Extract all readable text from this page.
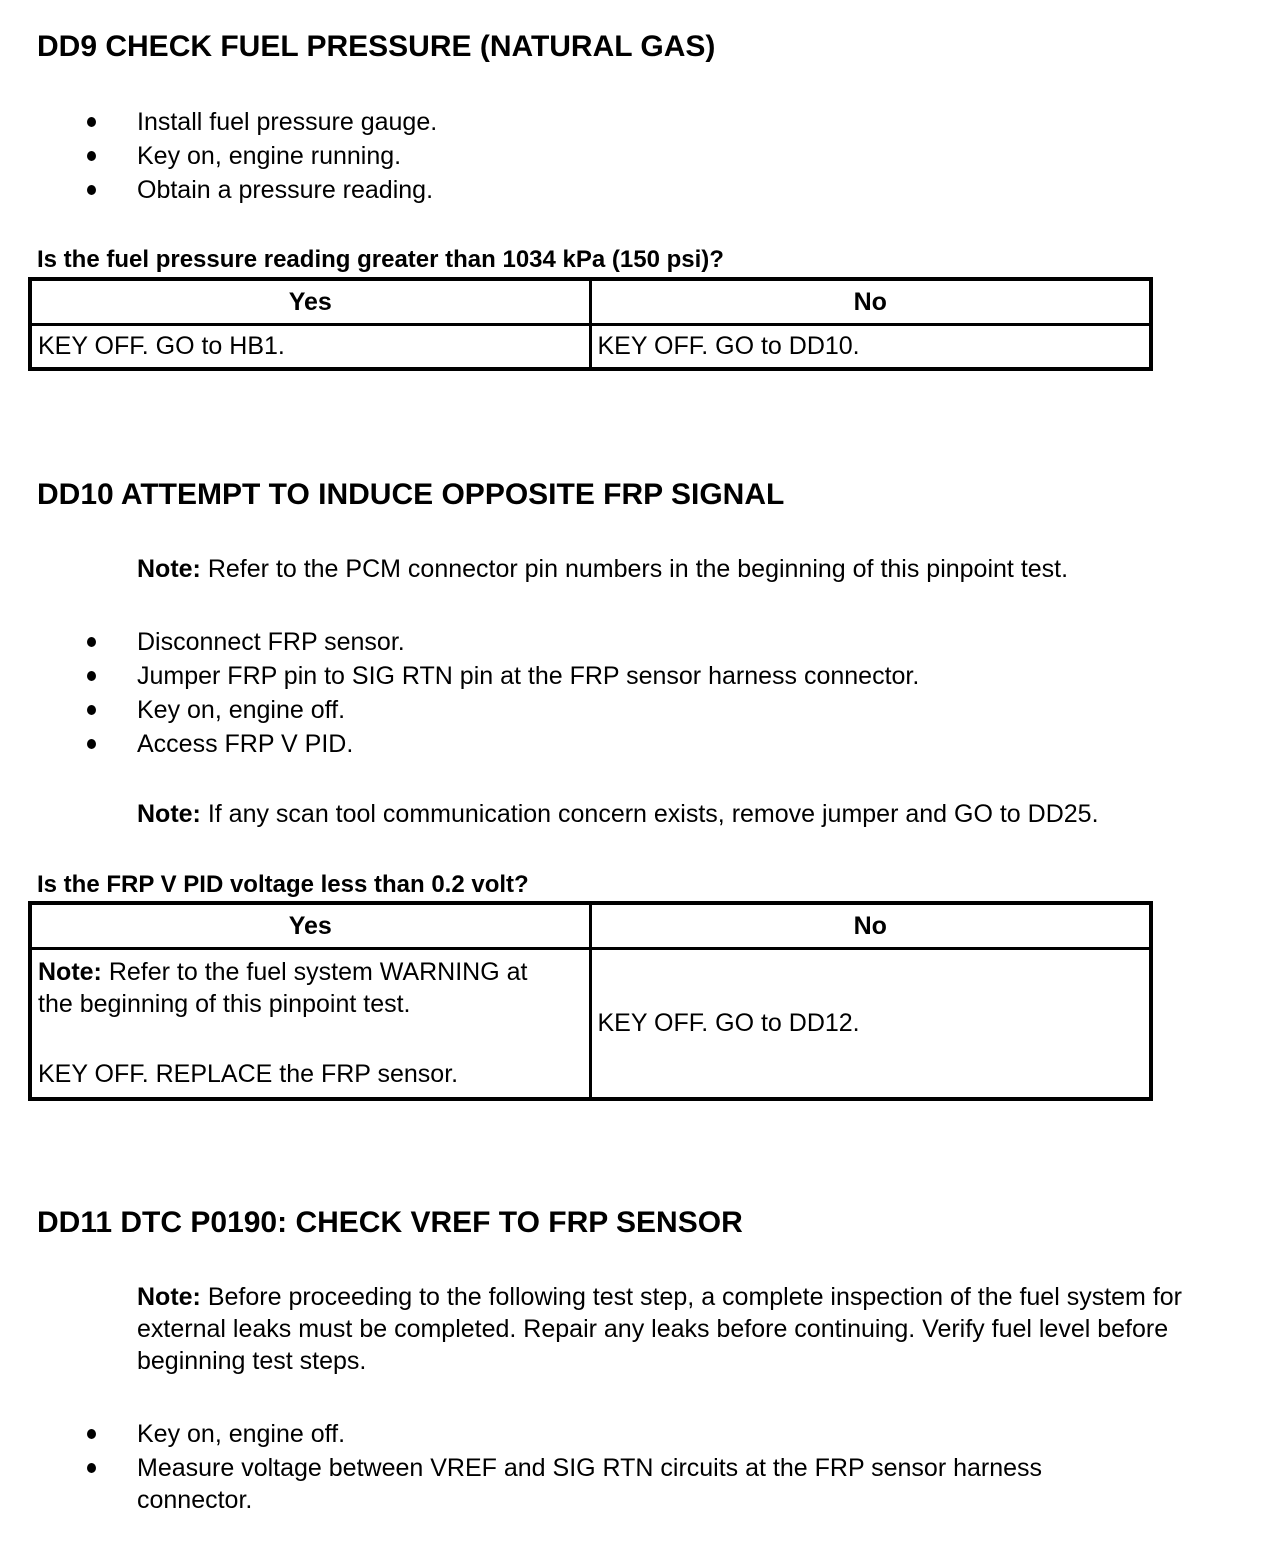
DD9 CHECK FUEL PRESSURE (NATURAL GAS)
Install fuel pressure gauge.
Key on, engine running.
Obtain a pressure reading.
Is the fuel pressure reading greater than 1034 kPa (150 psi)?
Yes	No
KEY OFF. GO to HB1.	KEY OFF. GO to DD10.
DD10 ATTEMPT TO INDUCE OPPOSITE FRP SIGNAL
Note: Refer to the PCM connector pin numbers in the beginning of this pinpoint test.
Disconnect FRP sensor.
Jumper FRP pin to SIG RTN pin at the FRP sensor harness connector.
Key on, engine off.
Access FRP V PID.
Note: If any scan tool communication concern exists, remove jumper and GO to DD25.
Is the FRP V PID voltage less than 0.2 volt?
Yes	No

Note: Refer to the fuel system WARNING at the beginning of this pinpoint test.
KEY OFF. REPLACE the FRP sensor.	KEY OFF. GO to DD12.
DD11 DTC P0190: CHECK VREF TO FRP SENSOR
Note: Before proceeding to the following test step, a complete inspection of the fuel system for external leaks must be completed. Repair any leaks before continuing. Verify fuel level before beginning test steps.
Key on, engine off.
Measure voltage between VREF and SIG RTN circuits at the FRP sensor harness
connector.
